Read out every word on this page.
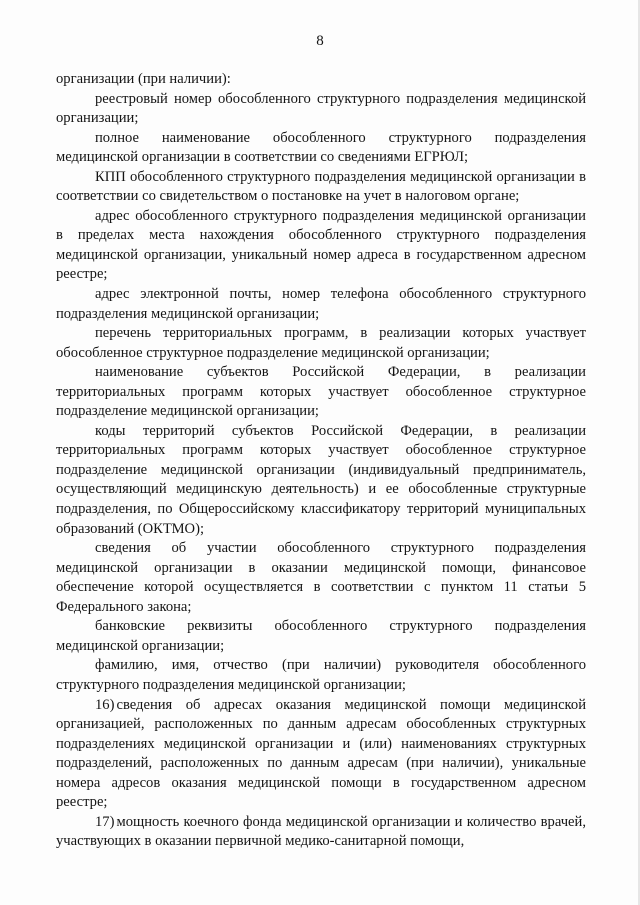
8

организации (при наличии):

реестровый номер обособленного структурного подразделения медицинской организации;

полное наименование обособленного структурного подразделения медицинской организации в соответствии со сведениями ЕГРЮЛ;

КПП обособленного структурного подразделения медицинской организации в соответствии со свидетельством о постановке на учет в налоговом органе;

адрес обособленного структурного подразделения медицинской организации в пределах места нахождения обособленного структурного подразделения медицинской организации, уникальный номер адреса в государственном адресном реестре;

адрес электронной почты, номер телефона обособленного структурного подразделения медицинской организации;

перечень территориальных программ, в реализации которых участвует обособленное структурное подразделение медицинской организации;

наименование субъектов Российской Федерации, в реализации территориальных программ которых участвует обособленное структурное подразделение медицинской организации;

коды территорий субъектов Российской Федерации, в реализации территориальных программ которых участвует обособленное структурное подразделение медицинской организации (индивидуальный предприниматель, осуществляющий медицинскую деятельность) и ее обособленные структурные подразделения, по Общероссийскому классификатору территорий муниципальных образований (ОКТМО);

сведения об участии обособленного структурного подразделения медицинской организации в оказании медицинской помощи, финансовое обеспечение которой осуществляется в соответствии с пунктом 11 статьи 5 Федерального закона;

банковские реквизиты обособленного структурного подразделения медицинской организации;

фамилию, имя, отчество (при наличии) руководителя обособленного структурного подразделения медицинской организации;

16) сведения об адресах оказания медицинской помощи медицинской организацией, расположенных по данным адресам обособленных структурных подразделениях медицинской организации и (или) наименованиях структурных подразделений, расположенных по данным адресам (при наличии), уникальные номера адресов оказания медицинской помощи в государственном адресном реестре;

17) мощность коечного фонда медицинской организации и количество врачей, участвующих в оказании первичной медико-санитарной помощи,
